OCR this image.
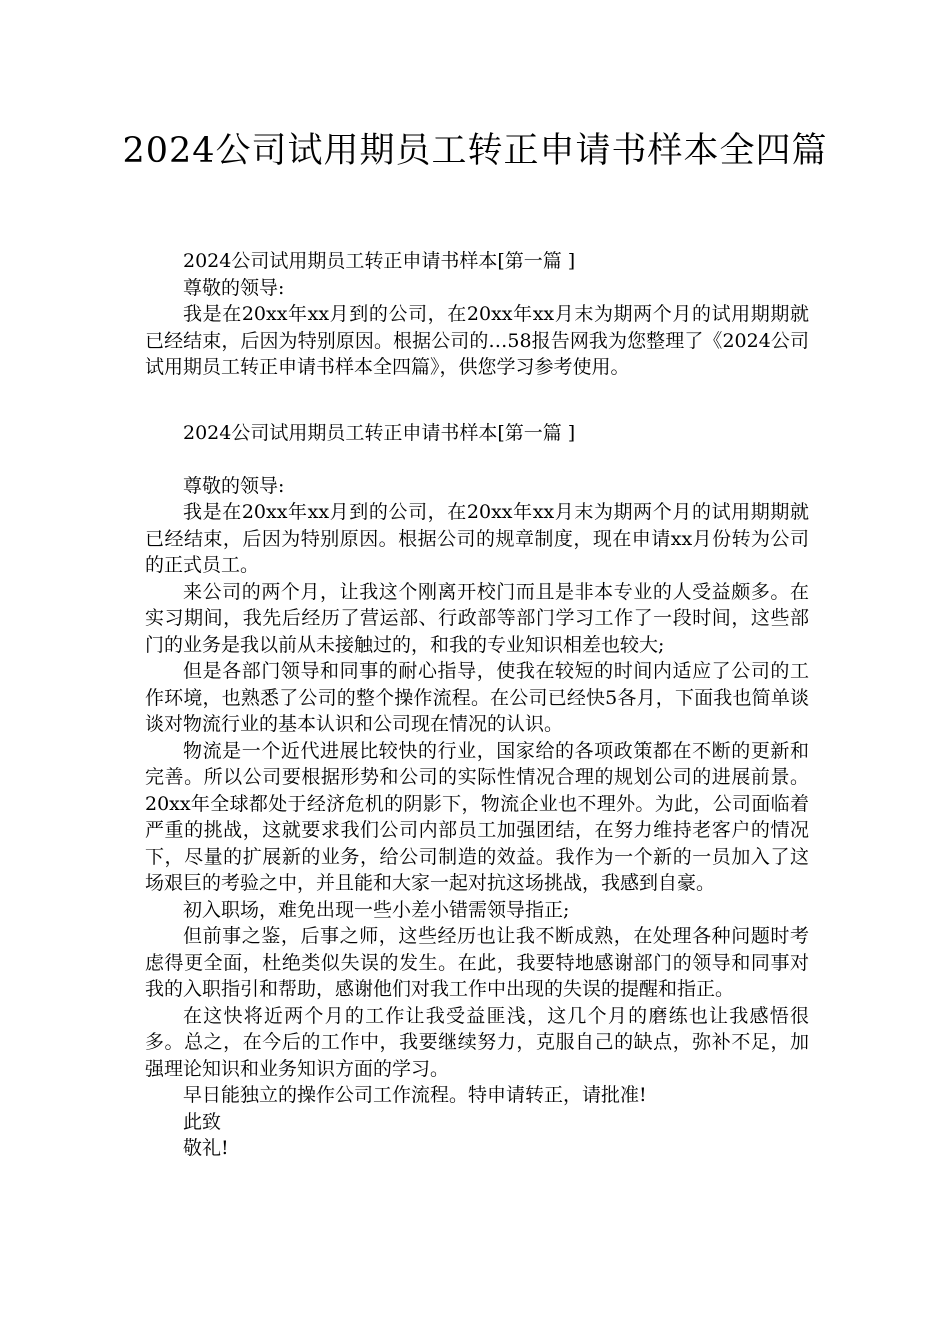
2024公司试用期员工转正申请书样本全四篇

2024公司试用期员工转正申请书样本[第一篇 ]

尊敬的领导:

我是在20xx年xx月到的公司，在20xx年xx月末为期两个月的试用期期就已经结束，后因为特别原因。根据公司的…58报告网我为您整理了《2024公司试用期员工转正申请书样本全四篇》，供您学习参考使用。

2024公司试用期员工转正申请书样本[第一篇 ]

尊敬的领导:

我是在20xx年xx月到的公司，在20xx年xx月末为期两个月的试用期期就已经结束，后因为特别原因。根据公司的规章制度，现在申请xx月份转为公司的正式员工。

来公司的两个月，让我这个刚离开校门而且是非本专业的人受益颇多。在实习期间，我先后经历了营运部、行政部等部门学习工作了一段时间，这些部门的业务是我以前从未接触过的，和我的专业知识相差也较大;

但是各部门领导和同事的耐心指导，使我在较短的时间内适应了公司的工作环境，也熟悉了公司的整个操作流程。在公司已经快5各月，下面我也简单谈谈对物流行业的基本认识和公司现在情况的认识。

物流是一个近代进展比较快的行业，国家给的各项政策都在不断的更新和完善。所以公司要根据形势和公司的实际性情况合理的规划公司的进展前景。20xx年全球都处于经济危机的阴影下，物流企业也不理外。为此，公司面临着严重的挑战，这就要求我们公司内部员工加强团结，在努力维持老客户的情况下，尽量的扩展新的业务，给公司制造的效益。我作为一个新的一员加入了这场艰巨的考验之中，并且能和大家一起对抗这场挑战，我感到自豪。

初入职场，难免出现一些小差小错需领导指正;

但前事之鉴，后事之师，这些经历也让我不断成熟，在处理各种问题时考虑得更全面，杜绝类似失误的发生。在此，我要特地感谢部门的领导和同事对我的入职指引和帮助，感谢他们对我工作中出现的失误的提醒和指正。

在这快将近两个月的工作让我受益匪浅，这几个月的磨练也让我感悟很多。总之，在今后的工作中，我要继续努力，克服自己的缺点，弥补不足，加强理论知识和业务知识方面的学习。

早日能独立的操作公司工作流程。特申请转正，请批准!

此致

敬礼!
